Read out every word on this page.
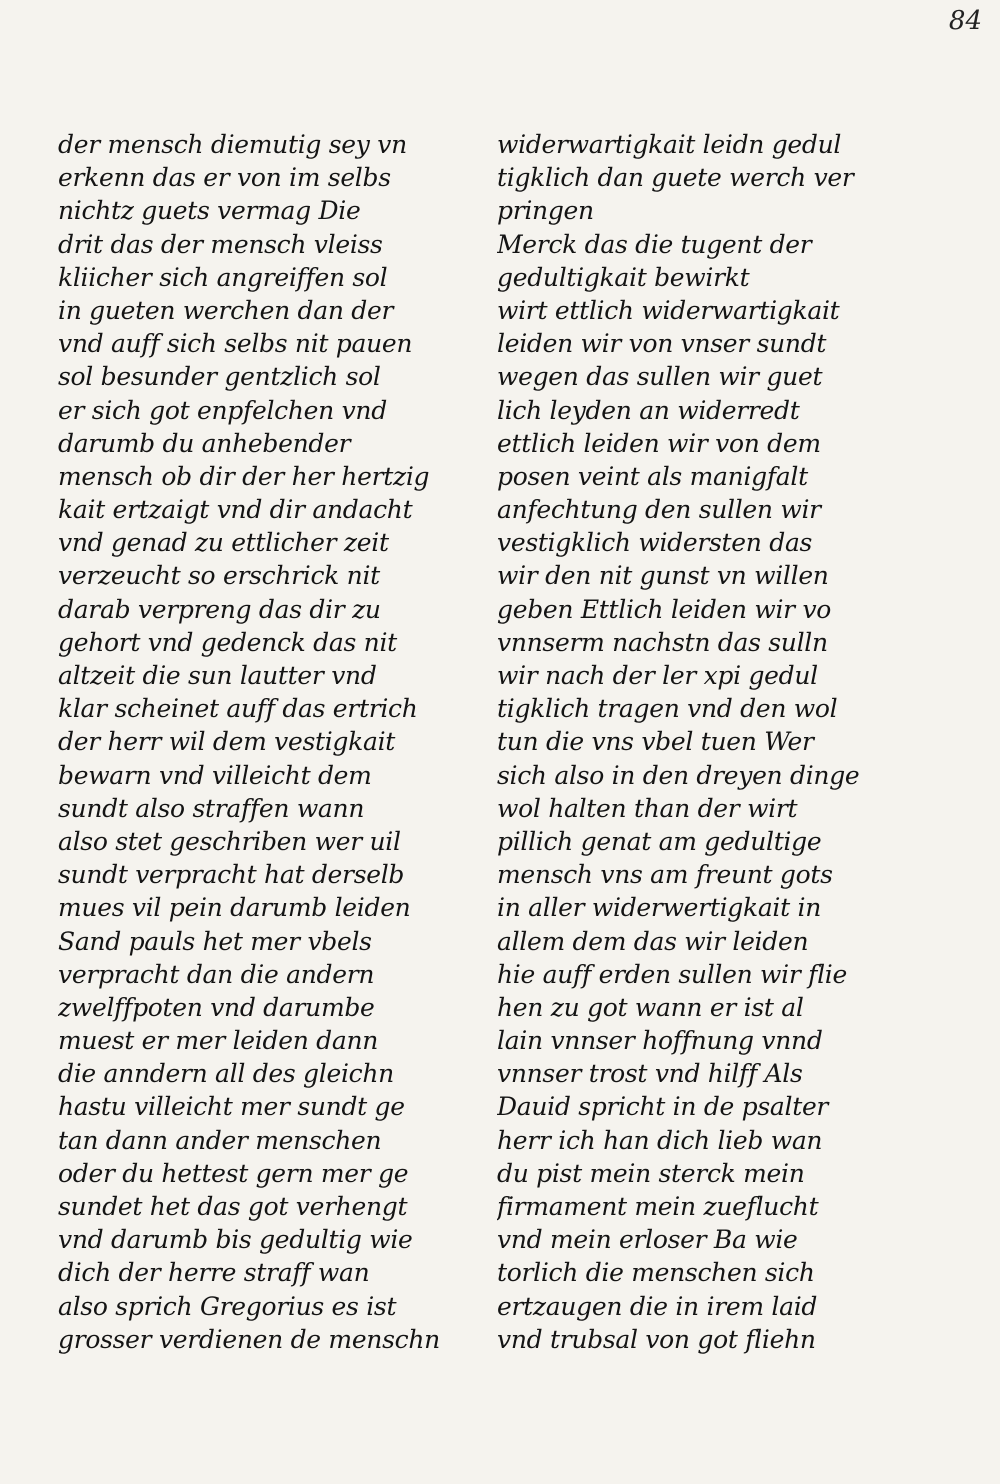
84
der mensch diemutig sey vn
erkenn das er von im selbs
nichtz guets vermag Die
drit das der mensch vleiss
kliicher sich angreiffen sol
in gueten werchen dan der
vnd auff sich selbs nit pauen
sol besunder gentzlich sol
er sich got enpfelchen vnd
darumb du anhebender
mensch ob dir der her hertzig
kait ertzaigt vnd dir andacht
vnd genad zu ettlicher zeit
verzeucht so erschrick nit
darab verpreng das dir zu
gehort vnd gedenck das nit
altzeit die sun lautter vnd
klar scheinet auff das ertrich
der herr wil dem vestigkait
bewarn vnd villeicht dem
sundt also straffen wann
also stet geschriben wer uil
sundt verpracht hat derselb
mues vil pein darumb leiden
Sand pauls het mer vbels
verpracht dan die andern
zwelffpoten vnd darumbe
muest er mer leiden dann
die anndern all des gleichn
hastu villeicht mer sundt ge
tan dann ander menschen
oder du hettest gern mer ge
sundet het das got verhengt
vnd darumb bis gedultig wie
dich der herre straff wan
also sprich Gregorius es ist
grosser verdienen de menschn
widerwartigkait leidn gedul
tigklich dan guete werch ver
pringen
Merck das die tugent der
gedultigkait bewirkt
wirt ettlich widerwartigkait
leiden wir von vnser sundt
wegen das sullen wir guet
lich leyden an widerredt
ettlich leiden wir von dem
posen veint als manigfalt
anfechtung den sullen wir
vestigklich widersten das
wir den nit gunst vn willen
geben Ettlich leiden wir vo
vnnserm nachstn das sulln
wir nach der ler xpi gedul
tigklich tragen vnd den wol
tun die vns vbel tuen Wer
sich also in den dreyen dinge
wol halten than der wirt
pillich genat am gedultige
mensch vns am freunt gots
in aller widerwertigkait in
allem dem das wir leiden
hie auff erden sullen wir flie
hen zu got wann er ist al
lain vnnser hoffnung vnnd
vnnser trost vnd hilff Als
Dauid spricht in de psalter
herr ich han dich lieb wan
du pist mein sterck mein
firmament mein zueflucht
vnd mein erloser Ba wie
torlich die menschen sich
ertzaugen die in irem laid
vnd trubsal von got fliehn
